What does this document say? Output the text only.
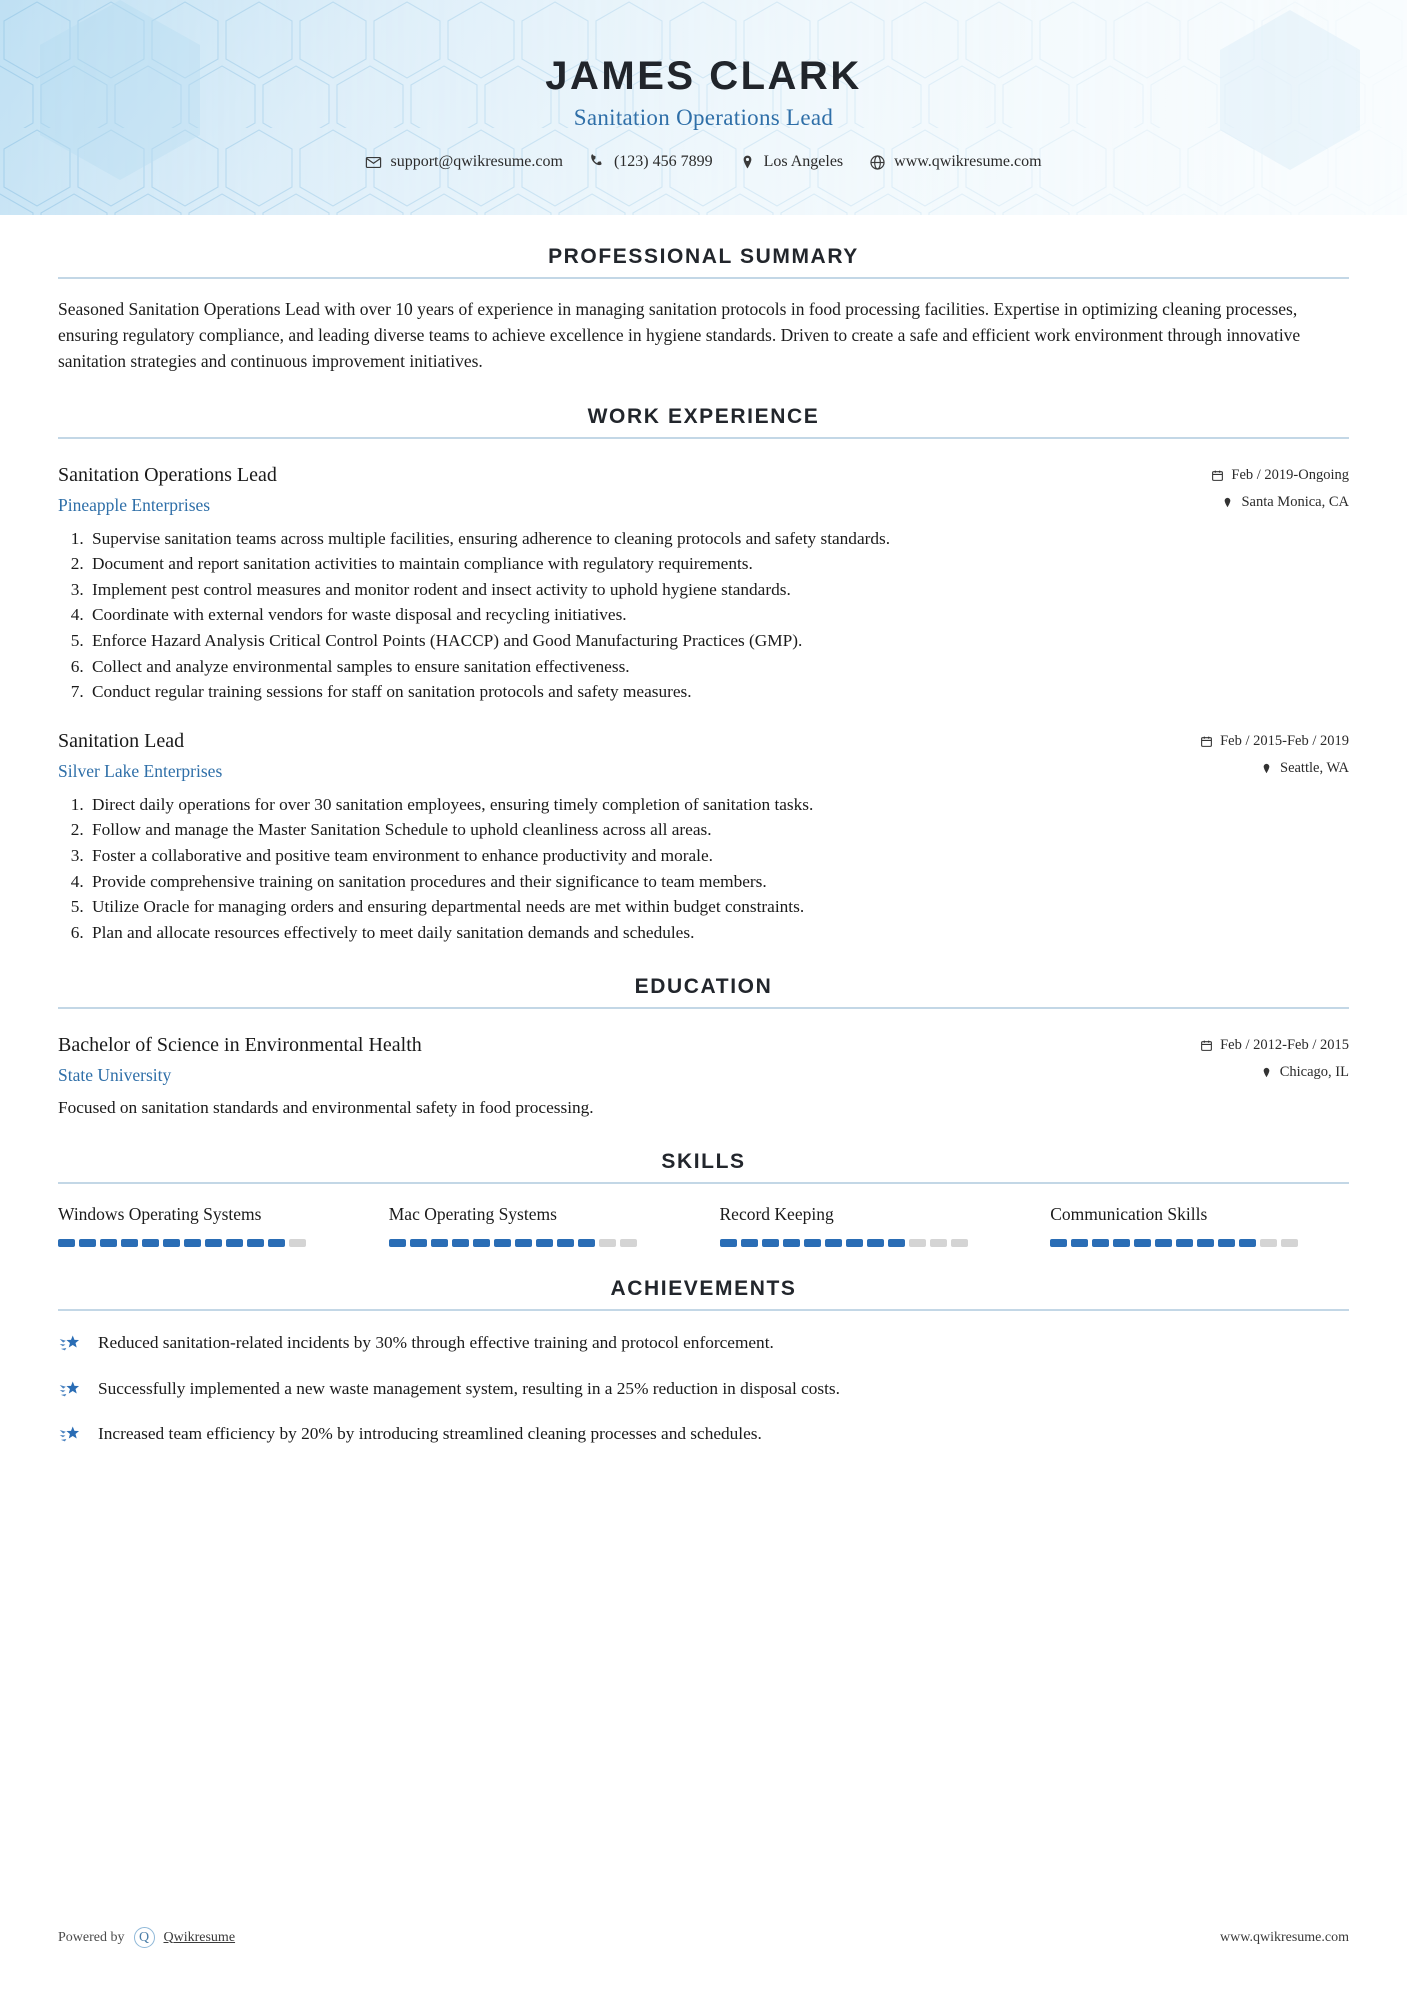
JAMES CLARK
Sanitation Operations Lead
support@qwikresume.com	(123) 456 7899	Los Angeles	www.qwikresume.com
PROFESSIONAL SUMMARY

Seasoned Sanitation Operations Lead with over 10 years of experience in managing sanitation protocols in food processing facilities. Expertise in optimizing cleaning processes, ensuring regulatory compliance, and leading diverse teams to achieve excellence in hygiene standards. Driven to create a safe and efficient work environment through innovative sanitation strategies and continuous improvement initiatives.

WORK EXPERIENCE
Sanitation Operations Lead
Pineapple Enterprises
Feb / 2019-Ongoing
Santa Monica, CA
1. Supervise sanitation teams across multiple facilities, ensuring adherence to cleaning protocols and safety standards.
2. Document and report sanitation activities to maintain compliance with regulatory requirements.
3. Implement pest control measures and monitor rodent and insect activity to uphold hygiene standards.
4. Coordinate with external vendors for waste disposal and recycling initiatives.
5. Enforce Hazard Analysis Critical Control Points (HACCP) and Good Manufacturing Practices (GMP).
6. Collect and analyze environmental samples to ensure sanitation effectiveness.
7. Conduct regular training sessions for staff on sanitation protocols and safety measures.
Sanitation Lead
Silver Lake Enterprises
Feb / 2015-Feb / 2019
Seattle, WA
1. Direct daily operations for over 30 sanitation employees, ensuring timely completion of sanitation tasks.
2. Follow and manage the Master Sanitation Schedule to uphold cleanliness across all areas.
3. Foster a collaborative and positive team environment to enhance productivity and morale.
4. Provide comprehensive training on sanitation procedures and their significance to team members.
5. Utilize Oracle for managing orders and ensuring departmental needs are met within budget constraints.
6. Plan and allocate resources effectively to meet daily sanitation demands and schedules.
EDUCATION
Bachelor of Science in Environmental Health
State University
Feb / 2012-Feb / 2015
Chicago, IL
Focused on sanitation standards and environmental safety in food processing.
SKILLS
Windows Operating Systems	Mac Operating Systems	Record Keeping	Communication Skills
ACHIEVEMENTS
Reduced sanitation-related incidents by 30% through effective training and protocol enforcement.
Successfully implemented a new waste management system, resulting in a 25% reduction in disposal costs.
Increased team efficiency by 20% by introducing streamlined cleaning processes and schedules.
Powered by	Q	Qwikresume	www.qwikresume.com
